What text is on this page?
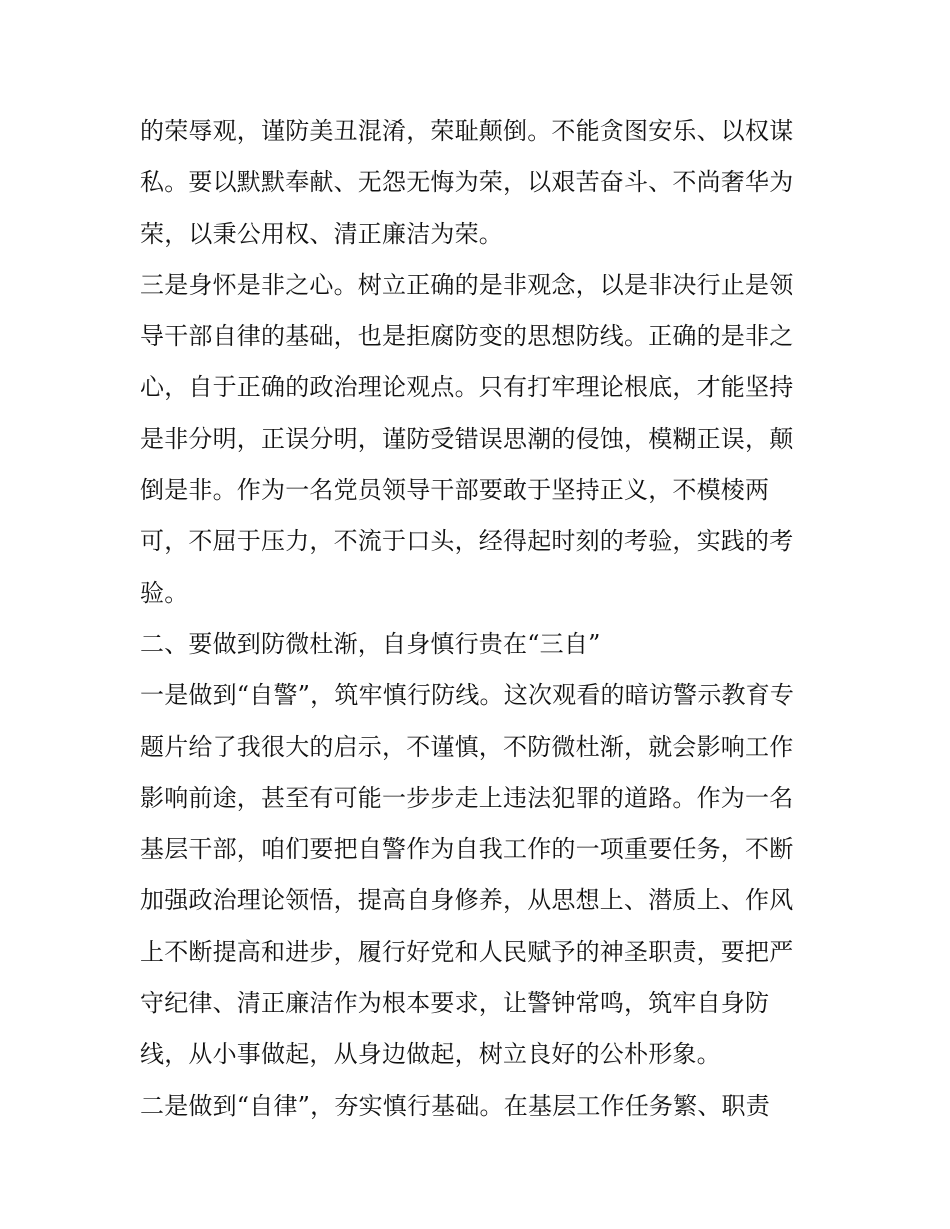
的荣辱观，谨防美丑混淆，荣耻颠倒。不能贪图安乐、以权谋
私。要以默默奉献、无怨无悔为荣，以艰苦奋斗、不尚奢华为
荣，以秉公用权、清正廉洁为荣。
三是身怀是非之心。树立正确的是非观念，以是非决行止是领
导干部自律的基础，也是拒腐防变的思想防线。正确的是非之
心，自于正确的政治理论观点。只有打牢理论根底，才能坚持
是非分明，正误分明，谨防受错误思潮的侵蚀，模糊正误，颠
倒是非。作为一名党员领导干部要敢于坚持正义，不模棱两
可，不屈于压力，不流于口头，经得起时刻的考验，实践的考
验。
二、要做到防微杜渐，自身慎行贵在“三自”
一是做到“自警”，筑牢慎行防线。这次观看的暗访警示教育专
题片给了我很大的启示，不谨慎，不防微杜渐，就会影响工作
影响前途，甚至有可能一步步走上违法犯罪的道路。作为一名
基层干部，咱们要把自警作为自我工作的一项重要任务，不断
加强政治理论领悟，提高自身修养，从思想上、潜质上、作风
上不断提高和进步，履行好党和人民赋予的神圣职责，要把严
守纪律、清正廉洁作为根本要求，让警钟常鸣，筑牢自身防
线，从小事做起，从身边做起，树立良好的公朴形象。
二是做到“自律”，夯实慎行基础。在基层工作任务繁、职责
